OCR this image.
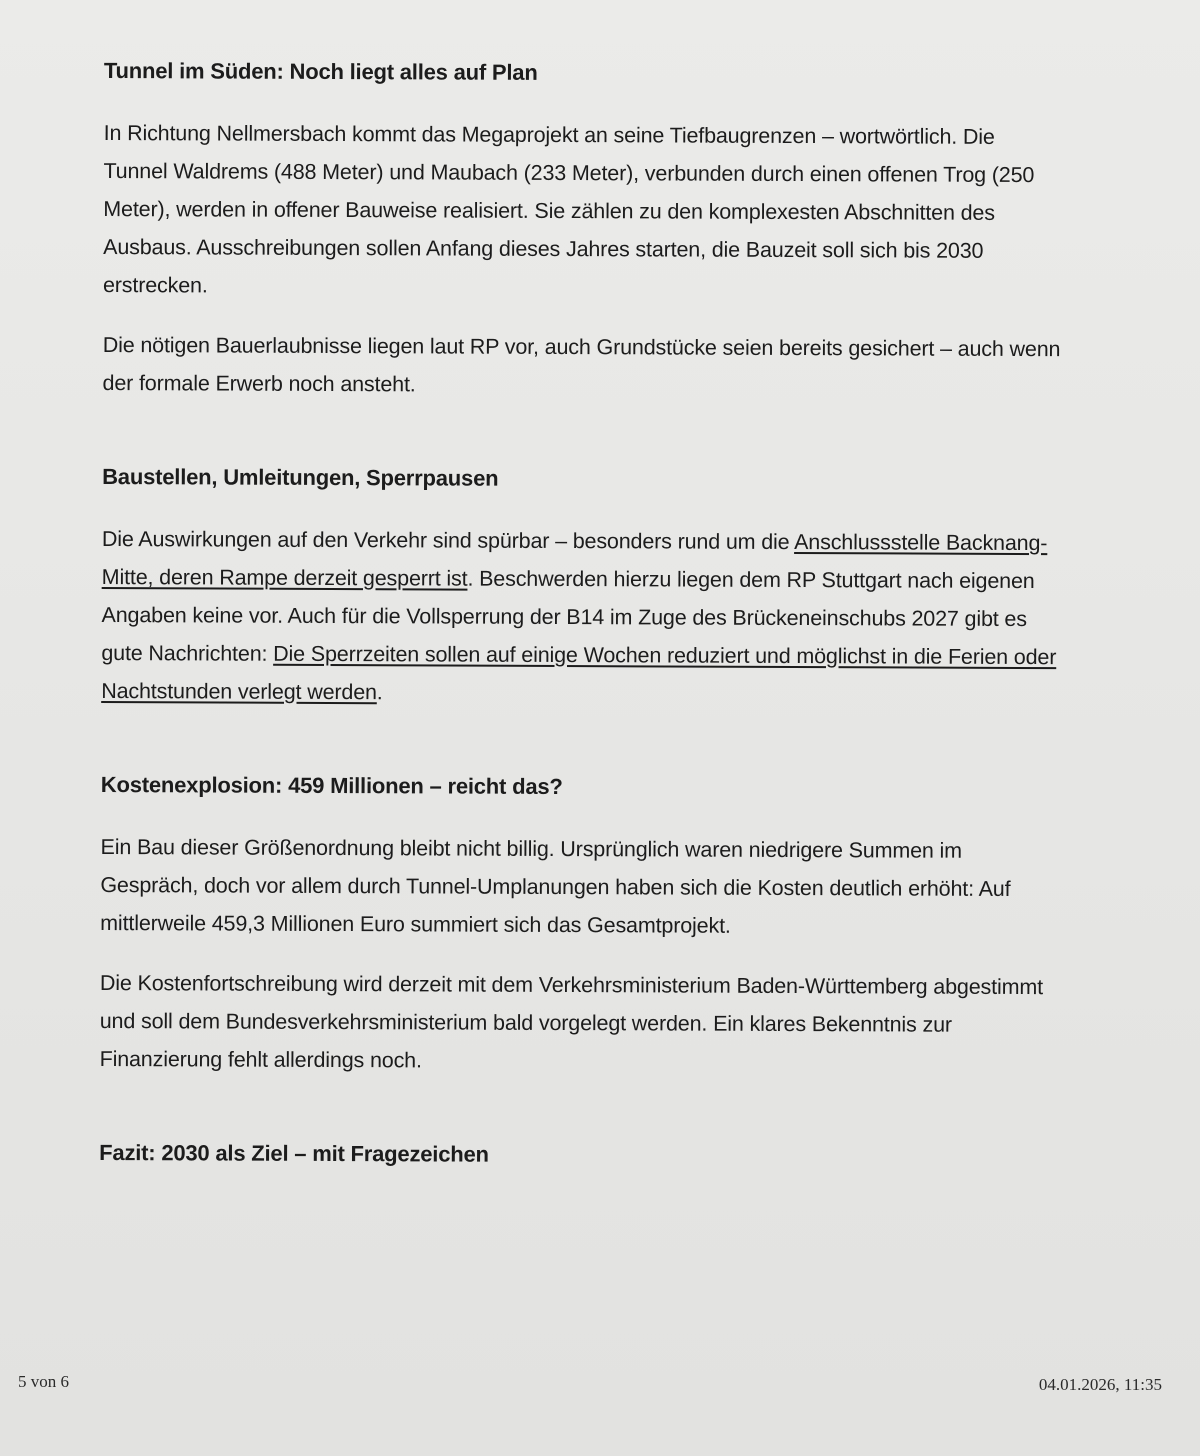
Tunnel im Süden: Noch liegt alles auf Plan

In Richtung Nellmersbach kommt das Megaprojekt an seine Tiefbaugrenzen – wortwörtlich. Die Tunnel Waldrems (488 Meter) und Maubach (233 Meter), verbunden durch einen offenen Trog (250 Meter), werden in offener Bauweise realisiert. Sie zählen zu den komplexesten Abschnitten des Ausbaus. Ausschreibungen sollen Anfang dieses Jahres starten, die Bauzeit soll sich bis 2030 erstrecken.

Die nötigen Bauerlaubnisse liegen laut RP vor, auch Grundstücke seien bereits gesichert – auch wenn der formale Erwerb noch ansteht.

Baustellen, Umleitungen, Sperrpausen

Die Auswirkungen auf den Verkehr sind spürbar – besonders rund um die Anschlussstelle Backnang-Mitte, deren Rampe derzeit gesperrt ist. Beschwerden hierzu liegen dem RP Stuttgart nach eigenen Angaben keine vor. Auch für die Vollsperrung der B14 im Zuge des Brückeneinschubs 2027 gibt es gute Nachrichten: Die Sperrzeiten sollen auf einige Wochen reduziert und möglichst in die Ferien oder Nachtstunden verlegt werden.

Kostenexplosion: 459 Millionen – reicht das?

Ein Bau dieser Größenordnung bleibt nicht billig. Ursprünglich waren niedrigere Summen im Gespräch, doch vor allem durch Tunnel-Umplanungen haben sich die Kosten deutlich erhöht: Auf mittlerweile 459,3 Millionen Euro summiert sich das Gesamtprojekt.

Die Kostenfortschreibung wird derzeit mit dem Verkehrsministerium Baden-Württemberg abgestimmt und soll dem Bundesverkehrsministerium bald vorgelegt werden. Ein klares Bekenntnis zur Finanzierung fehlt allerdings noch.

Fazit: 2030 als Ziel – mit Fragezeichen
5 von 6	04.01.2026, 11:35
